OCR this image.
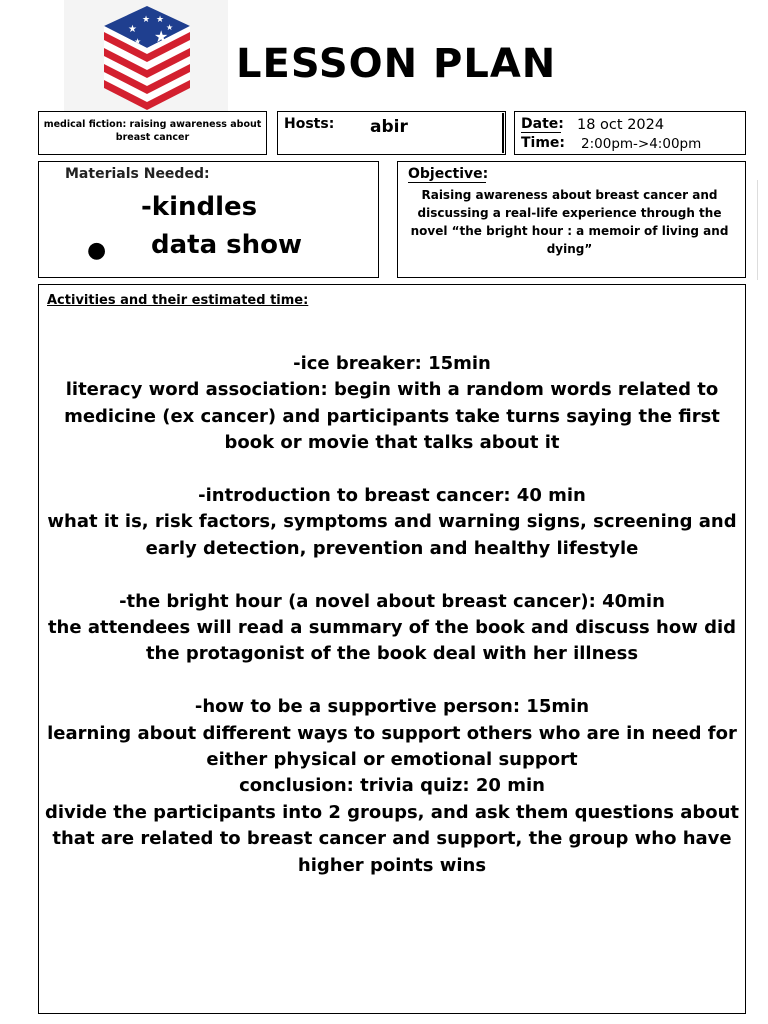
★
★
★ ★
★
★ LESSON PLAN
medical fiction: raising awareness about breast cancer
Hosts: abir	Date: 18 oct 2024
Time: 2:00pm->4:00pm
Materials Needed:
-kindles
● data show
Objective:
Raising awareness about breast cancer and discussing a real-life experience through the novel “the bright hour : a memoir of living and dying”
Activities and their estimated time:
-ice breaker: 15min
literacy word association: begin with a random words related to
medicine (ex cancer) and participants take turns saying the first
book or movie that talks about it
-introduction to breast cancer: 40 min
what it is, risk factors, symptoms and warning signs, screening and
early detection, prevention and healthy lifestyle
-the bright hour (a novel about breast cancer): 40min
the attendees will read a summary of the book and discuss how did
the protagonist of the book deal with her illness
-how to be a supportive person: 15min
learning about different ways to support others who are in need for
either physical or emotional support
conclusion: trivia quiz: 20 min
divide the participants into 2 groups, and ask them questions about
that are related to breast cancer and support, the group who have
higher points wins
